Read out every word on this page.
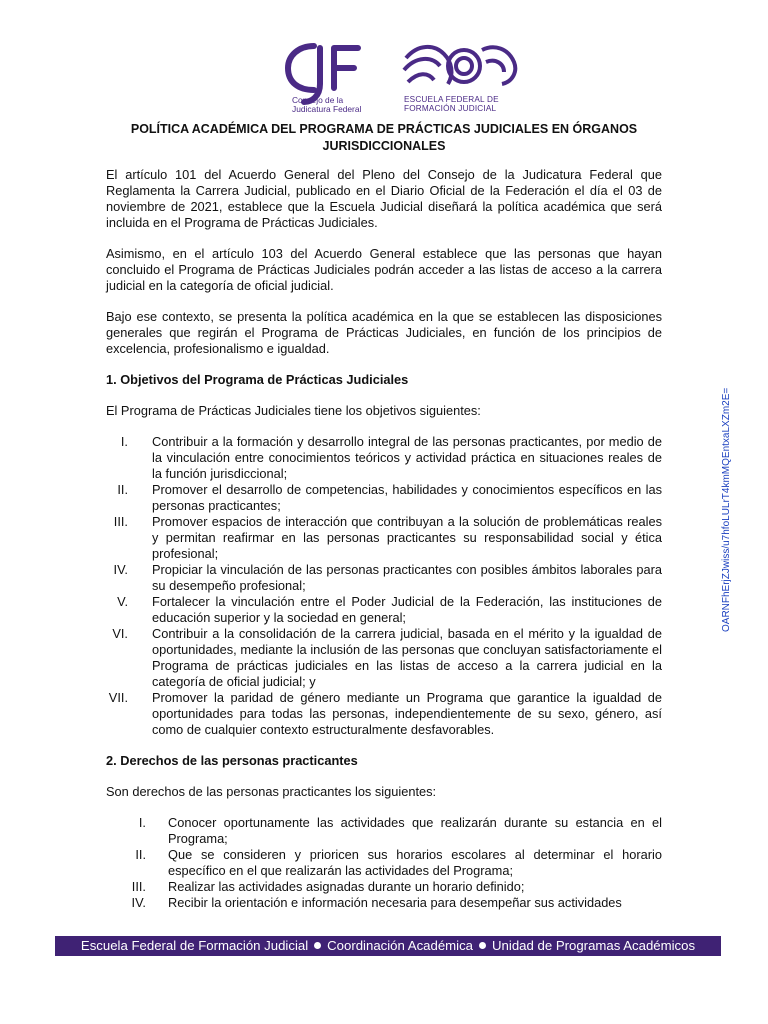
Consejo de la
Judicatura Federal
ESCUELA FEDERAL DE
FORMACIÓN JUDICIAL
POLÍTICA ACADÉMICA DEL PROGRAMA DE PRÁCTICAS JUDICIALES EN ÓRGANOS
JURISDICCIONALES

El artículo 101 del Acuerdo General del Pleno del Consejo de la Judicatura Federal que Reglamenta la Carrera Judicial, publicado en el Diario Oficial de la Federación el día el 03 de noviembre de 2021, establece que la Escuela Judicial diseñará la política académica que será incluida en el Programa de Prácticas Judiciales.

Asimismo, en el artículo 103 del Acuerdo General establece que las personas que hayan concluido el Programa de Prácticas Judiciales podrán acceder a las listas de acceso a la carrera judicial en la categoría de oficial judicial.

Bajo ese contexto, se presenta la política académica en la que se establecen las disposiciones generales que regirán el Programa de Prácticas Judiciales, en función de los principios de excelencia, profesionalismo e igualdad.

1. Objetivos del Programa de Prácticas Judiciales

El Programa de Prácticas Judiciales tiene los objetivos siguientes:

I. Contribuir a la formación y desarrollo integral de las personas practicantes, por medio de la vinculación entre conocimientos teóricos y actividad práctica en situaciones reales de la función jurisdiccional;
II. Promover el desarrollo de competencias, habilidades y conocimientos específicos en las personas practicantes;
III. Promover espacios de interacción que contribuyan a la solución de problemáticas reales y permitan reafirmar en las personas practicantes su responsabilidad social y ética profesional;
IV. Propiciar la vinculación de las personas practicantes con posibles ámbitos laborales para su desempeño profesional;
V. Fortalecer la vinculación entre el Poder Judicial de la Federación, las instituciones de educación superior y la sociedad en general;
VI. Contribuir a la consolidación de la carrera judicial, basada en el mérito y la igualdad de oportunidades, mediante la inclusión de las personas que concluyan satisfactoriamente el Programa de prácticas judiciales en las listas de acceso a la carrera judicial en la categoría de oficial judicial; y
VII. Promover la paridad de género mediante un Programa que garantice la igualdad de oportunidades para todas las personas, independientemente de su sexo, género, así como de cualquier contexto estructuralmente desfavorables.
2. Derechos de las personas practicantes

Son derechos de las personas practicantes los siguientes:

I. Conocer oportunamente las actividades que realizarán durante su estancia en el Programa;
II. Que se consideren y prioricen sus horarios escolares al determinar el horario específico en el que realizarán las actividades del Programa;
III. Realizar las actividades asignadas durante un horario definido;
IV. Recibir la orientación e información necesaria para desempeñar sus actividades
OARNFhErjZJwiss/u7hfoLULrT4kmMQEntxaLXZm2E=
Escuela Federal de Formación Judicial Coordinación Académica Unidad de Programas Académicos
